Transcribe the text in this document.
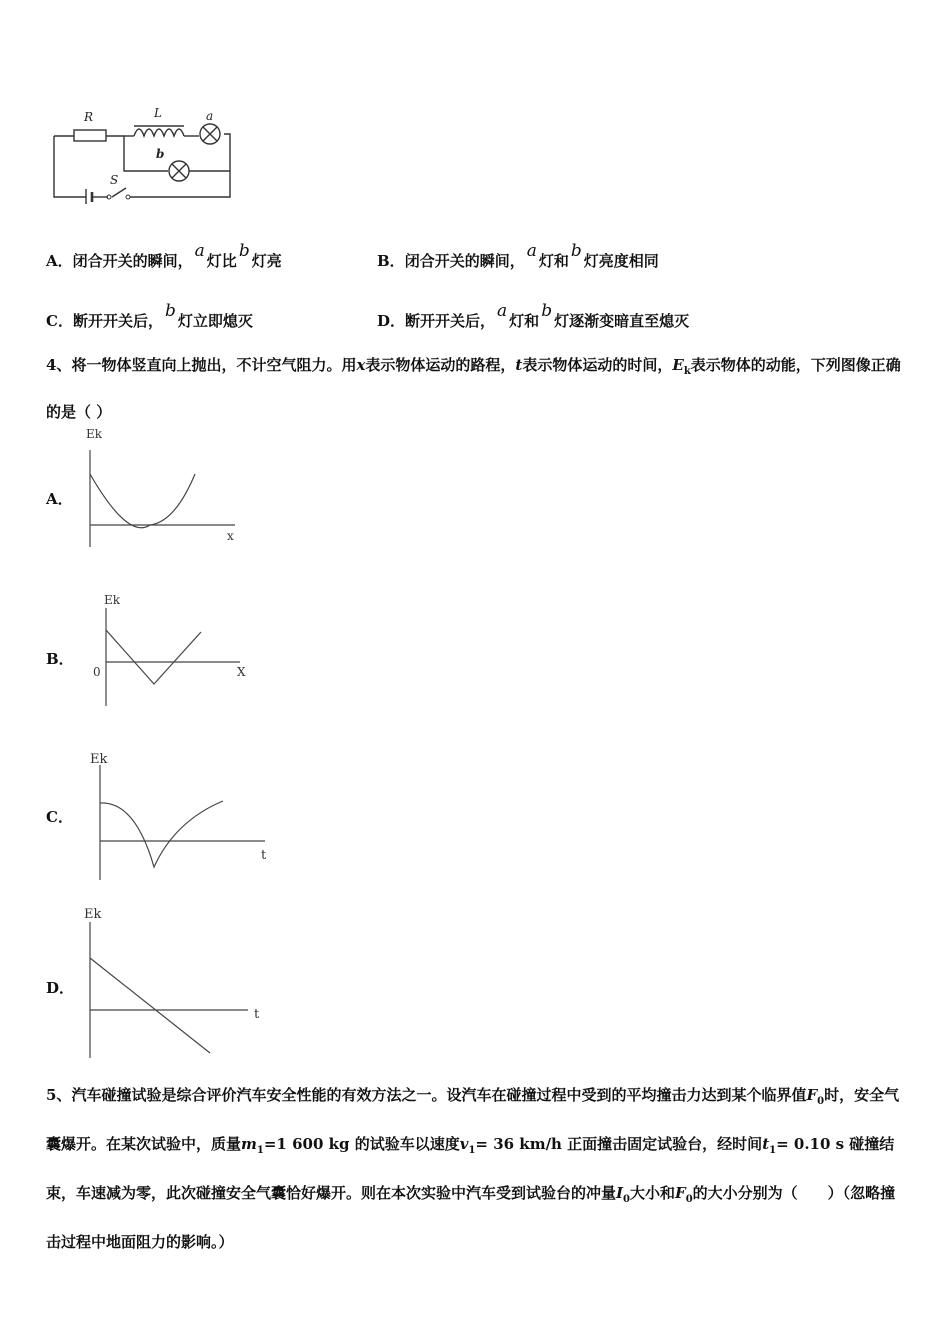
R	L	a
b
S
A．闭合开关的瞬间， a 灯比 b 灯亮	B．闭合开关的瞬间， a 灯和 b 灯亮度相同
C．断开开关后， b 灯立即熄灭	D．断开开关后， a 灯和 b 灯逐渐变暗直至熄灭
4、将一物体竖直向上抛出，不计空气阻力。用x表示物体运动的路程，t表示物体运动的时间，$E_k$表示物体的动能，下列图像正确的是（ ）
A．
B．
C．
D．
Ek
x
Ek
0	X
Ek
t
Ek
t
5、汽车碰撞试验是综合评价汽车安全性能的有效方法之一。设汽车在碰撞过程中受到的平均撞击力达到某个临界值$F_0$时，安全气囊爆开。在某次试验中，质量$m_1=1$ 600 kg 的试验车以速度$v_1= 36$ km/h 正面撞击固定试验台，经时间$t_1= 0.10$ s 碰撞结束，车速减为零，此次碰撞安全气囊恰好爆开。则在本次实验中汽车受到试验台的冲量$I_0$大小和$F_0$的大小分别为（　　）（忽略撞击过程中地面阻力的影响。）
